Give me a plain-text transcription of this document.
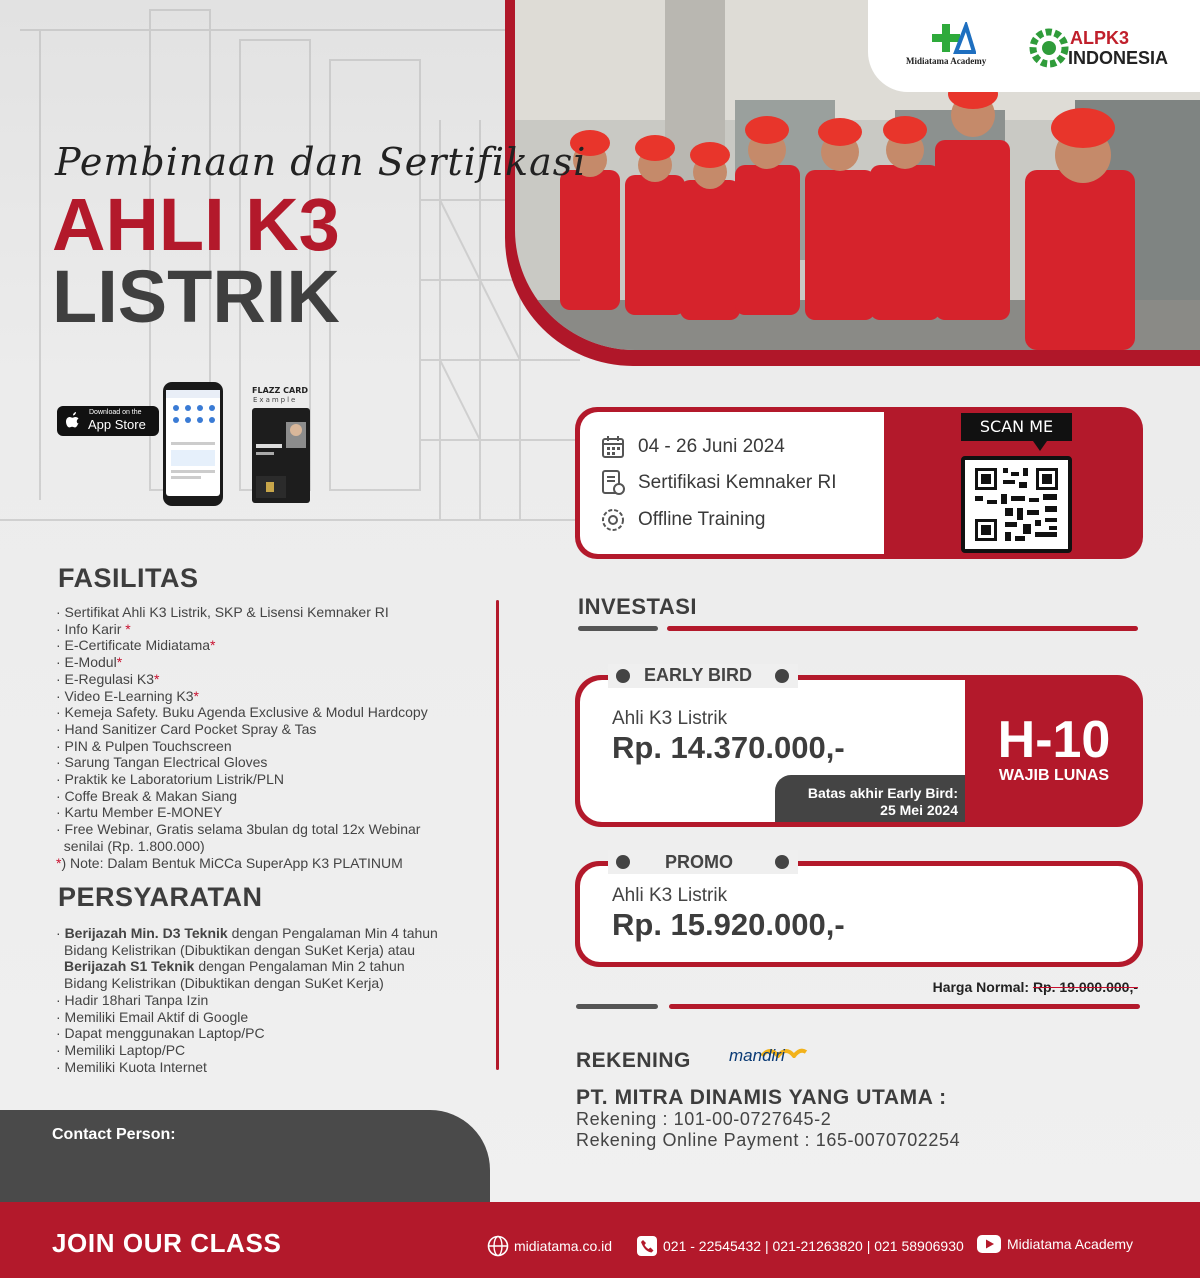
Midiatama Academy
ALPK3
INDONESIA
Pembinaan dan Sertifikasi
AHLI K3
LISTRIK
Download on the
App Store
FLAZZ CARD
Example
04 - 26 Juni 2024
Sertifikasi Kemnaker RI
Offline Training
SCAN ME
FASILITAS
· Sertifikat Ahli K3 Listrik, SKP & Lisensi Kemnaker RI
· Info Karir *
· E-Certificate Midiatama*
· E-Modul*
· E-Regulasi K3*
· Video E-Learning K3*
· Kemeja Safety. Buku Agenda Exclusive & Modul Hardcopy
· Hand Sanitizer Card Pocket Spray & Tas
· PIN & Pulpen Touchscreen
· Sarung Tangan Electrical Gloves
· Praktik ke Laboratorium Listrik/PLN
· Coffe Break & Makan Siang
· Kartu Member E-MONEY
· Free Webinar, Gratis selama 3bulan dg total 12x Webinar
senilai (Rp. 1.800.000)
*) Note: Dalam Bentuk MiCCa SuperApp K3 PLATINUM
PERSYARATAN
· Berijazah Min. D3 Teknik dengan Pengalaman Min 4 tahun
Bidang Kelistrikan (Dibuktikan dengan SuKet Kerja) atau
Berijazah S1 Teknik dengan Pengalaman Min 2 tahun
Bidang Kelistrikan (Dibuktikan dengan SuKet Kerja)
· Hadir 18hari Tanpa Izin
· Memiliki Email Aktif di Google
· Dapat menggunakan Laptop/PC
· Memiliki Laptop/PC
· Memiliki Kuota Internet
INVESTASI
Batas akhir Early Bird:
25 Mei 2024
EARLY BIRD
Ahli K3 Listrik
Rp. 14.370.000,-	H-10
WAJIB LUNAS
PROMO
Ahli K3 Listrik
Rp. 15.920.000,-
Harga Normal: Rp. 19.000.000,-
REKENING mandiri
PT. MITRA DINAMIS YANG UTAMA :
Rekening : 101-00-0727645-2
Rekening Online Payment : 165-0070702254
Contact Person:
JOIN OUR CLASS	midiatama.co.id	021 - 22545432 | 021-21263820 | 021 58906930	Midiatama Academy
